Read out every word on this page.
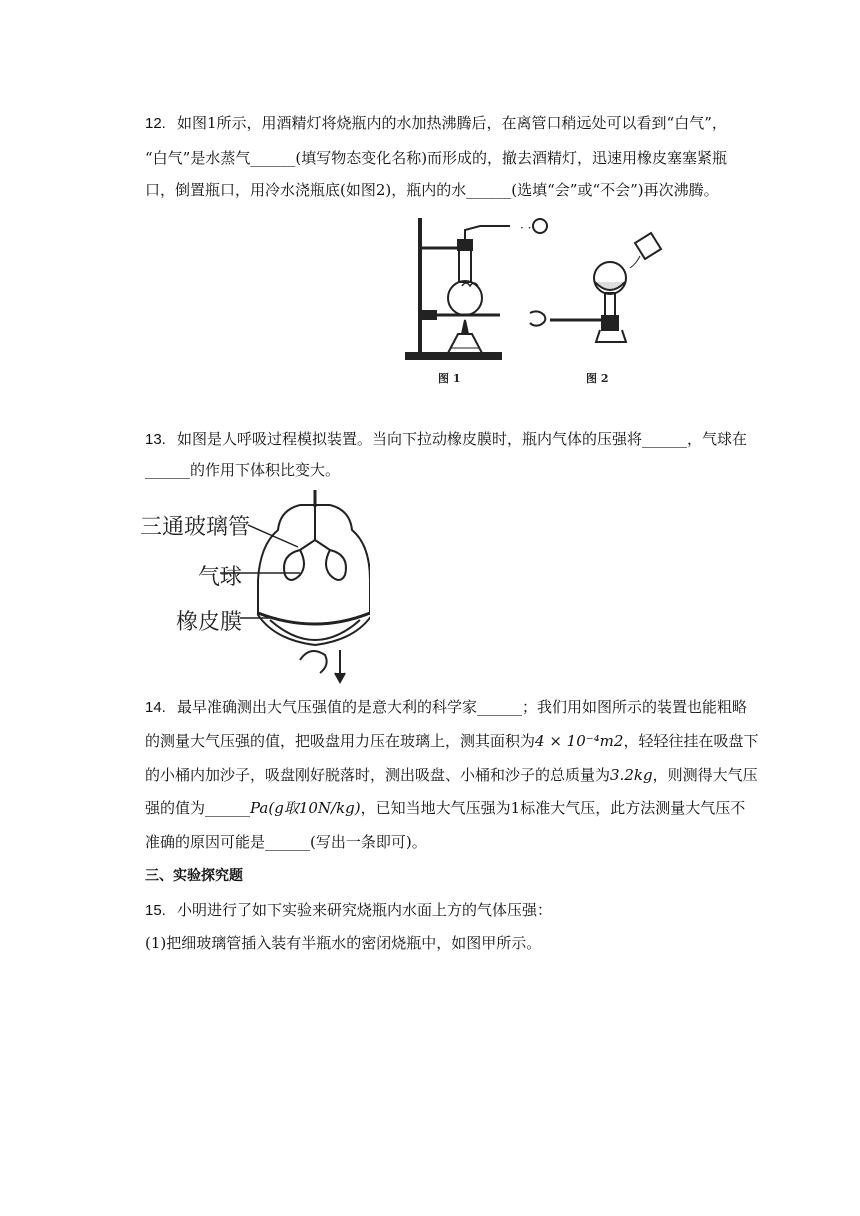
12. 如图1所示，用酒精灯将烧瓶内的水加热沸腾后，在离管口稍远处可以看到“白气”，
“白气”是水蒸气______(填写物态变化名称)而形成的，撤去酒精灯，迅速用橡皮塞塞紧瓶
口，倒置瓶口，用冷水浇瓶底(如图2)，瓶内的水______(选填“会”或“不会”)再次沸腾。
· ·
图 1	图 2
13. 如图是人呼吸过程模拟装置。当向下拉动橡皮膜时，瓶内气体的压强将______，气球在
______的作用下体积比变大。
三通玻璃管
气球
橡皮膜
14. 最早准确测出大气压强值的是意大利的科学家______；我们用如图所示的装置也能粗略
的测量大气压强的值，把吸盘用力压在玻璃上，测其面积为4 × 10⁻⁴m2，轻轻往挂在吸盘下
的小桶内加沙子，吸盘刚好脱落时，测出吸盘、小桶和沙子的总质量为3.2kg，则测得大气压
强的值为______Pa(g取10N/kg)，已知当地大气压强为1标准大气压，此方法测量大气压不
准确的原因可能是______(写出一条即可)。
三、实验探究题
15. 小明进行了如下实验来研究烧瓶内水面上方的气体压强：
(1)把细玻璃管插入装有半瓶水的密闭烧瓶中，如图甲所示。
